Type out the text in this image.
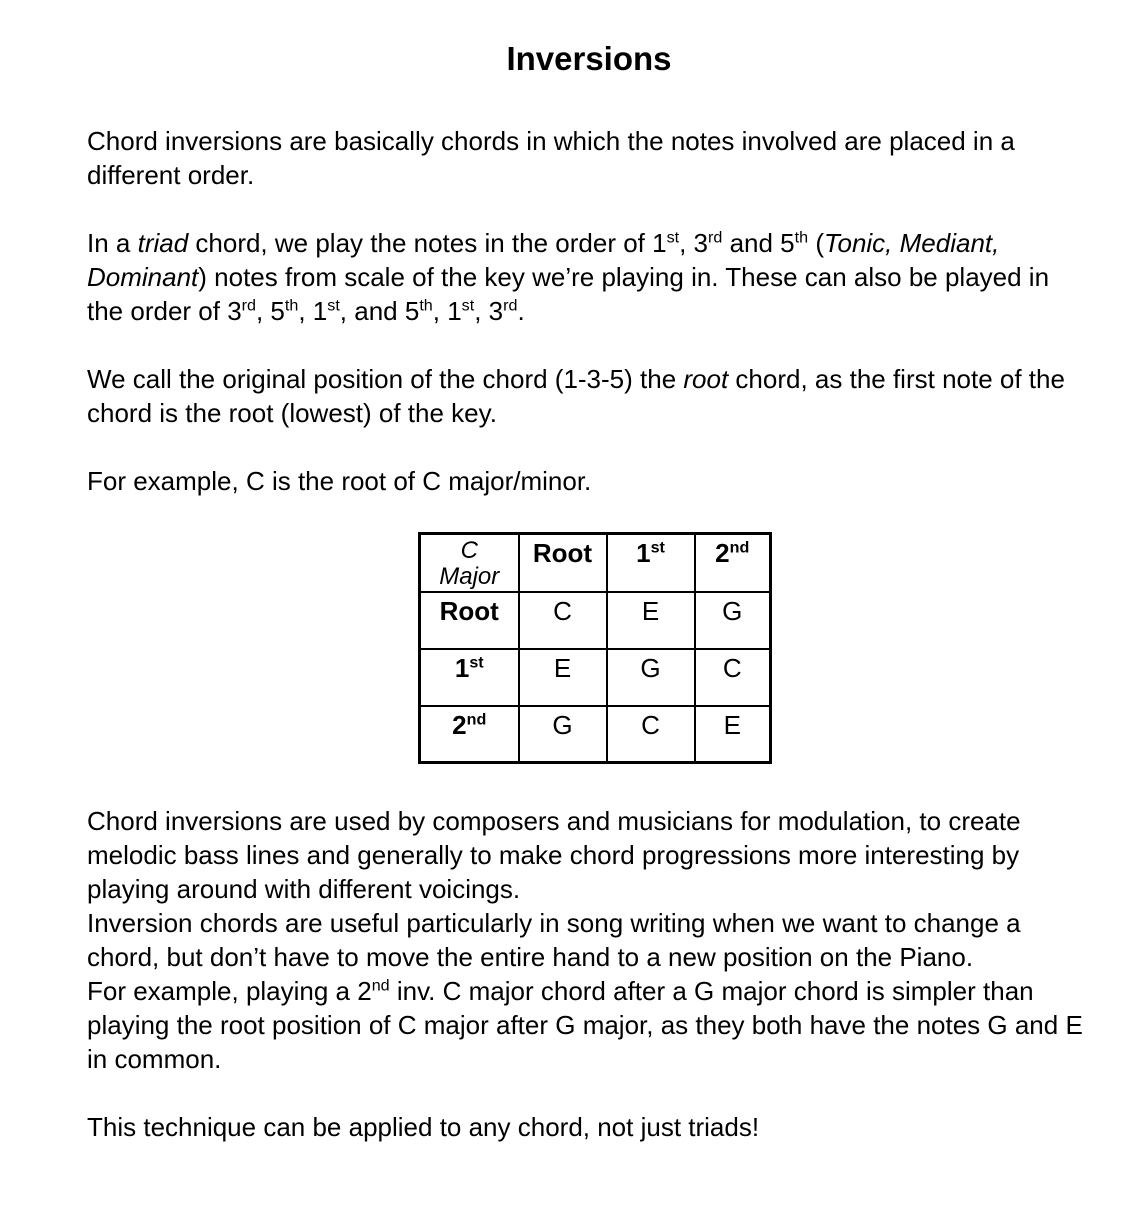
Inversions

Chord inversions are basically chords in which the notes involved are placed in a different order.

In a triad chord, we play the notes in the order of 1st, 3rd and 5th (Tonic, Mediant, Dominant) notes from scale of the key we’re playing in. These can also be played in the order of 3rd, 5th, 1st, and 5th, 1st, 3rd.

We call the original position of the chord (1-3-5) the root chord, as the first note of the chord is the root (lowest) of the key.

For example, C is the root of C major/minor.

C
Major	Root	1st	2nd
Root	C	E	G
1st	E	G	C
2nd	G	C	E

Chord inversions are used by composers and musicians for modulation, to create melodic bass lines and generally to make chord progressions more interesting by playing around with different voicings.

Inversion chords are useful particularly in song writing when we want to change a chord, but don’t have to move the entire hand to a new position on the Piano.

For example, playing a 2nd inv. C major chord after a G major chord is simpler than playing the root position of C major after G major, as they both have the notes G and E in common.

This technique can be applied to any chord, not just triads!
